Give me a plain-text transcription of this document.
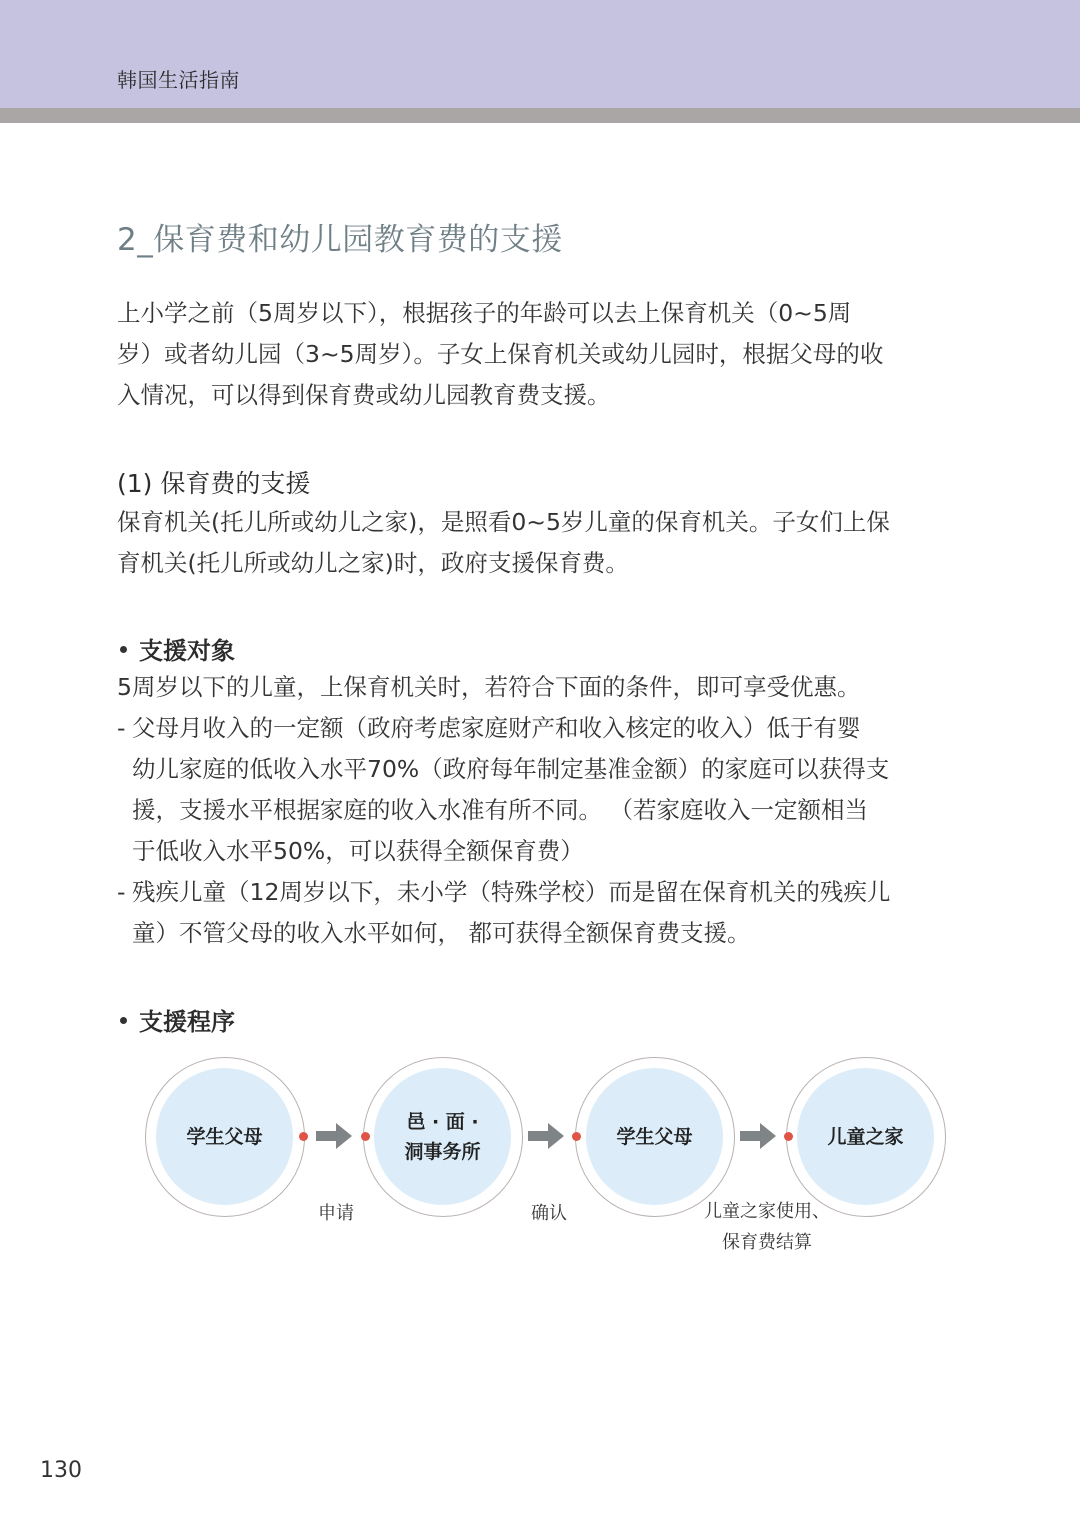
韩国生活指南
2_保育费和幼儿园教育费的支援
上小学之前（5周岁以下），根据孩子的年龄可以去上保育机关（0~5周
岁）或者幼儿园（3~5周岁）。子女上保育机关或幼儿园时，根据父母的收
入情况，可以得到保育费或幼儿园教育费支援。
(1) 保育费的支援
保育机关(托儿所或幼儿之家)，是照看0~5岁儿童的保育机关。子女们上保
育机关(托儿所或幼儿之家)时，政府支援保育费。
支援对象
5周岁以下的儿童，上保育机关时，若符合下面的条件，即可享受优惠。
- 父母月收入的一定额（政府考虑家庭财产和收入核定的收入）低于有婴
幼儿家庭的低收入水平70%（政府每年制定基准金额）的家庭可以获得支
援，支援水平根据家庭的收入水准有所不同。 （若家庭收入一定额相当
于低收入水平50%，可以获得全额保育费）
- 残疾儿童（12周岁以下，未小学（特殊学校）而是留在保育机关的残疾儿
童）不管父母的收入水平如何， 都可获得全额保育费支援。
支援程序
学生父母
邑 · 面 ·
洞事务所
学生父母	儿童之家
申请	确认	儿童之家使用、
保育费结算
130
